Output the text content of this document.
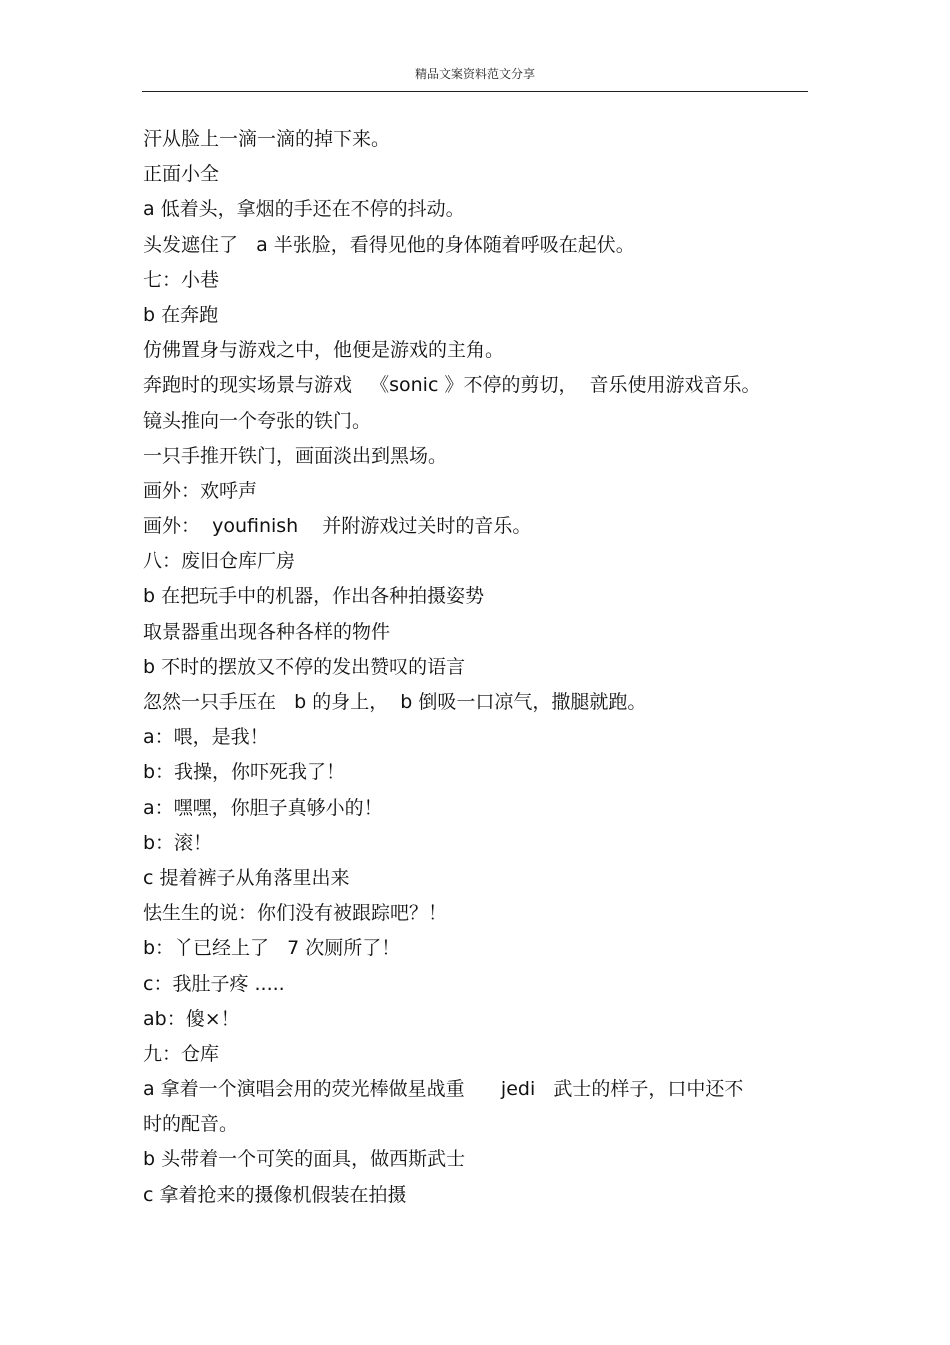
精品文案资料范文分享
汗从脸上一滴一滴的掉下来。
正面小全
a 低着头，拿烟的手还在不停的抖动。
头发遮住了   a 半张脸，看得见他的身体随着呼吸在起伏。
七：小巷
b 在奔跑
仿佛置身与游戏之中，他便是游戏的主角。
奔跑时的现实场景与游戏   《sonic 》不停的剪切，  音乐使用游戏音乐。
镜头推向一个夸张的铁门。
一只手推开铁门，画面淡出到黑场。
画外：欢呼声
画外：  youfinish    并附游戏过关时的音乐。
八：废旧仓库厂房
b 在把玩手中的机器，作出各种拍摄姿势
取景器重出现各种各样的物件
b 不时的摆放又不停的发出赞叹的语言
忽然一只手压在   b 的身上，  b 倒吸一口凉气，撒腿就跑。
a：喂，是我！
b：我操，你吓死我了！
a：嘿嘿，你胆子真够小的！
b：滚！
c 提着裤子从角落里出来
怯生生的说：你们没有被跟踪吧？！
b：丫已经上了   7 次厕所了！
c：我肚子疼 .....
ab：傻×！
九：仓库
a 拿着一个演唱会用的荧光棒做星战重      jedi   武士的样子，口中还不
时的配音。
b 头带着一个可笑的面具，做西斯武士
c 拿着抢来的摄像机假装在拍摄
